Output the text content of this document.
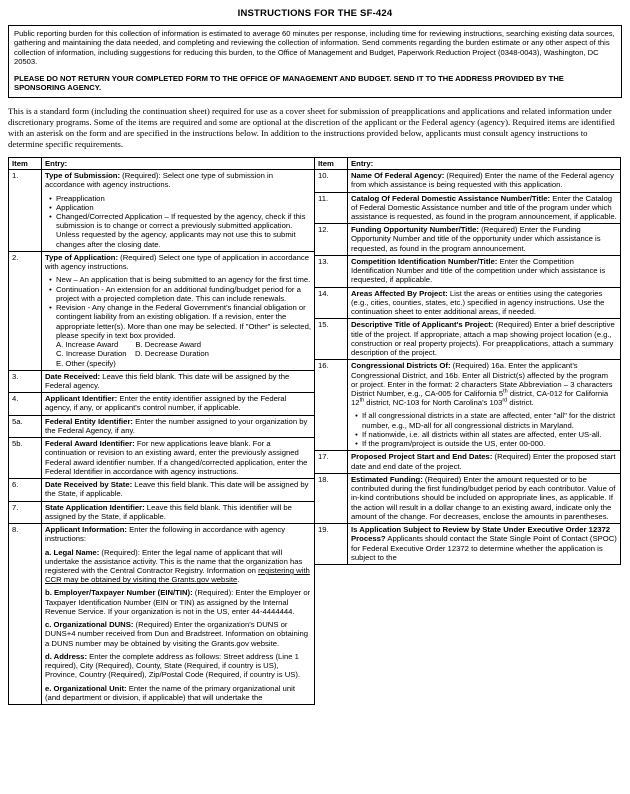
INSTRUCTIONS FOR THE SF-424
Public reporting burden for this collection of information is estimated to average 60 minutes per response, including time for reviewing instructions, searching existing data sources, gathering and maintaining the data needed, and completing and reviewing the collection of information. Send comments regarding the burden estimate or any other aspect of this collection of information, including suggestions for reducing this burden, to the Office of Management and Budget, Paperwork Reduction Project (0348-0043), Washington, DC 20503.
PLEASE DO NOT RETURN YOUR COMPLETED FORM TO THE OFFICE OF MANAGEMENT AND BUDGET. SEND IT TO THE ADDRESS PROVIDED BY THE SPONSORING AGENCY.
This is a standard form (including the continuation sheet) required for use as a cover sheet for submission of preapplications and applications and related information under discretionary programs. Some of the items are required and some are optional at the discretion of the applicant or the Federal agency (agency). Required items are identified with an asterisk on the form and are specified in the instructions below. In addition to the instructions provided below, applicants must consult agency instructions to determine specific requirements.
Item	Entry:
1.	Type of Submission: (Required): Select one type of submission in accordance with agency instructions.
• Preapplication
• Application
• Changed/Corrected Application – If requested by the agency, check if this submission is to change or correct a previously submitted application. Unless requested by the agency, applicants may not use this to submit changes after the closing date.

2.	Type of Application: (Required) Select one type of application in accordance with agency instructions.
• New – An application that is being submitted to an agency for the first time.
• Continuation - An extension for an additional funding/budget period for a project with a projected completion date. This can include renewals.
• Revision - Any change in the Federal Government's financial obligation or contingent liability from an existing obligation. If a revision, enter the appropriate letter(s). More than one may be selected. If "Other" is selected, please specify in text box provided.
A. Increase Award        B. Decrease Award
C. Increase Duration    D. Decrease Duration
E. Other (specify)

3.	Date Received: Leave this field blank. This date will be assigned by the Federal agency.

4.	Applicant Identifier: Enter the entity identifier assigned by the Federal agency, if any, or applicant's control number, if applicable.

5a.	Federal Entity Identifier: Enter the number assigned to your organization by the Federal Agency, if any.

5b.	Federal Award Identifier: For new applications leave blank. For a continuation or revision to an existing award, enter the previously assigned Federal award identifier number. If a changed/corrected application, enter the Federal Identifier in accordance with agency instructions.

6.	Date Received by State: Leave this field blank. This date will be assigned by the State, if applicable.

7.	State Application Identifier: Leave this field blank. This identifier will be assigned by the State, if applicable.

8.	Applicant Information: Enter the following in accordance with agency instructions:
a. Legal Name: (Required): Enter the legal name of applicant that will undertake the assistance activity. This is the name that the organization has registered with the Central Contractor Registry. Information on registering with CCR may be obtained by visiting the Grants.gov website.
b. Employer/Taxpayer Number (EIN/TIN): (Required): Enter the Employer or Taxpayer Identification Number (EIN or TIN) as assigned by the Internal Revenue Service. If your organization is not in the US, enter 44-4444444.
c. Organizational DUNS: (Required) Enter the organization's DUNS or DUNS+4 number received from Dun and Bradstreet. Information on obtaining a DUNS number may be obtained by visiting the Grants.gov website.
d. Address: Enter the complete address as follows: Street address (Line 1 required), City (Required), County, State (Required, if country is US), Province, Country (Required), Zip/Postal Code (Required, if country is US).
e. Organizational Unit: Enter the name of the primary organizational unit (and department or division, if applicable) that will undertake the
Item	Entry:
10.	Name Of Federal Agency: (Required) Enter the name of the Federal agency from which assistance is being requested with this application.

11.	Catalog Of Federal Domestic Assistance Number/Title: Enter the Catalog of Federal Domestic Assistance number and title of the program under which assistance is requested, as found in the program announcement, if applicable.

12.	Funding Opportunity Number/Title: (Required) Enter the Funding Opportunity Number and title of the opportunity under which assistance is requested, as found in the program announcement.

13.	Competition Identification Number/Title: Enter the Competition Identification Number and title of the competition under which assistance is requested, if applicable.

14.	Areas Affected By Project: List the areas or entities using the categories (e.g., cities, counties, states, etc.) specified in agency instructions. Use the continuation sheet to enter additional areas, if needed.

15.	Descriptive Title of Applicant's Project: (Required) Enter a brief descriptive title of the project. If appropriate, attach a map showing project location (e.g., construction or real property projects). For preapplications, attach a summary description of the project.

16.	Congressional Districts Of: (Required) 16a. Enter the applicant's Congressional District, and 16b. Enter all District(s) affected by the program or project. Enter in the format: 2 characters State Abbreviation – 3 characters District Number, e.g., CA-005 for California 5th district, CA-012 for California 12th district, NC-103 for North Carolina's 103rd district.
• If all congressional districts in a state are affected, enter "all" for the district number, e.g., MD-all for all congressional districts in Maryland.
• If nationwide, i.e. all districts within all states are affected, enter US-all.
• If the program/project is outside the US, enter 00-000.

17.	Proposed Project Start and End Dates: (Required) Enter the proposed start date and end date of the project.

18.	Estimated Funding: (Required) Enter the amount requested or to be contributed during the first funding/budget period by each contributor. Value of in-kind contributions should be included on appropriate lines, as applicable. If the action will result in a dollar change to an existing award, indicate only the amount of the change. For decreases, enclose the amounts in parentheses.

19.	Is Application Subject to Review by State Under Executive Order 12372 Process? Applicants should contact the State Single Point of Contact (SPOC) for Federal Executive Order 12372 to determine whether the application is subject to the
